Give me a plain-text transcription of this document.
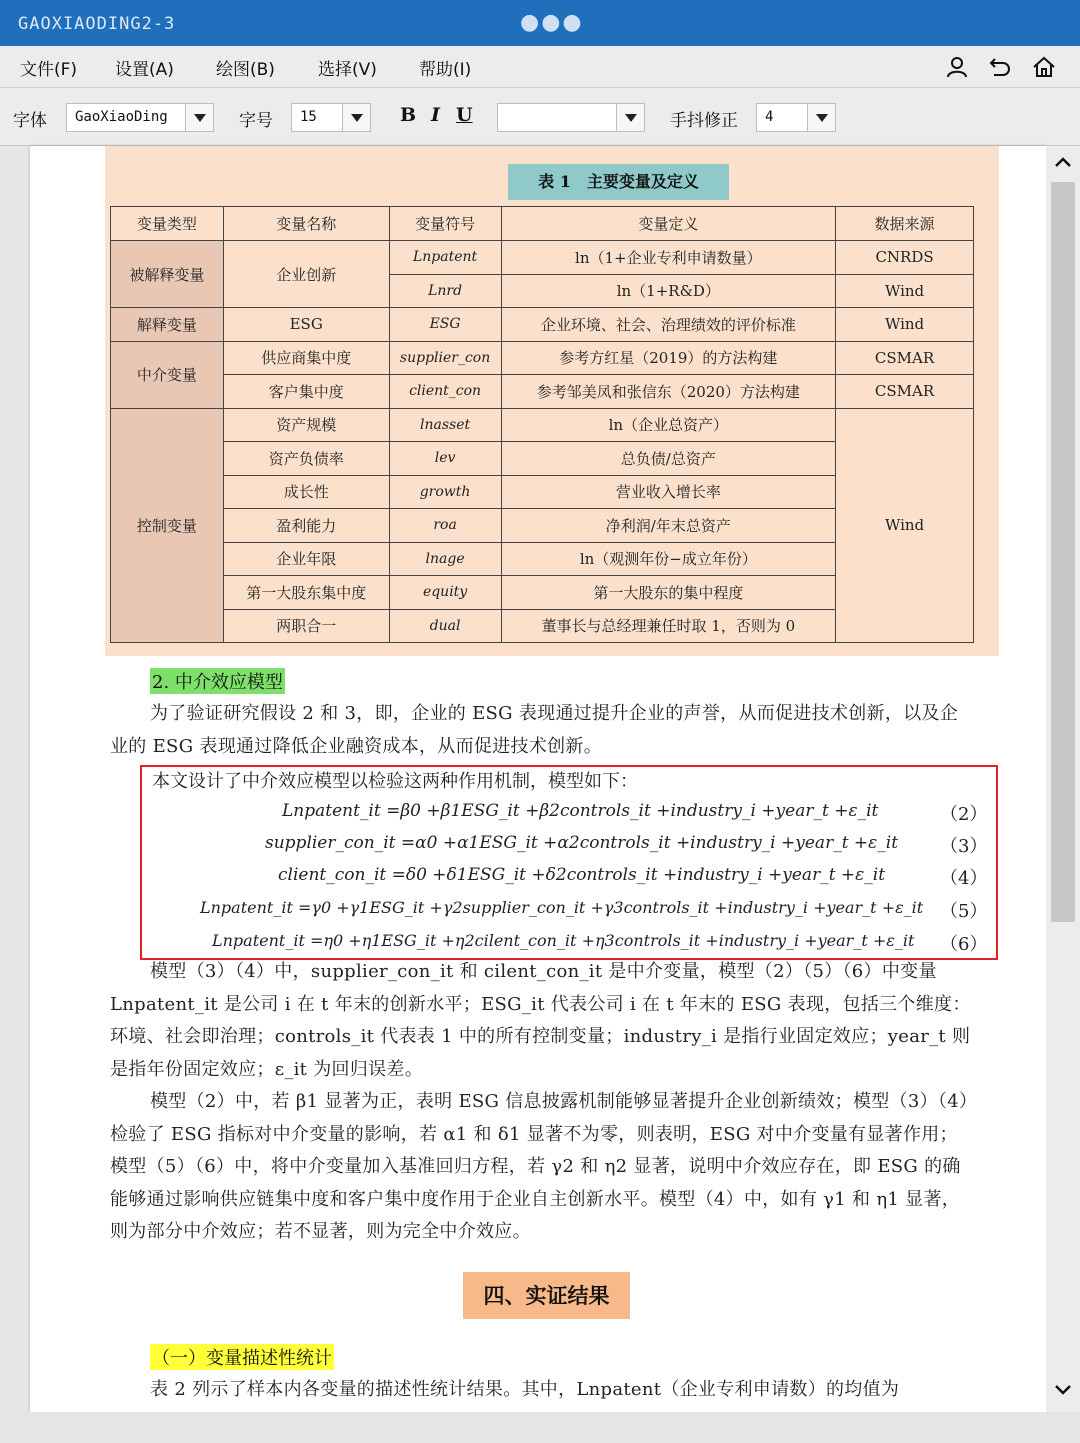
GAOXIAODING2-3	●●●
文件(F) 设置(A) 绘图(B)	选择(V) 帮助(I)
字体 GaoXiaoDing	字号 15	B I U	手抖修正 4
表 1　主要变量及定义
变量类型	变量名称	变量符号	变量定义	数据来源
被解释变量	企业创新	Lnpatent	ln（1+企业专利申请数量）	CNRDS
		Lnrd	ln（1+R&D）	Wind
解释变量	ESG	ESG	企业环境、社会、治理绩效的评价标准	Wind
中介变量	供应商集中度	supplier_con	参考方红星（2019）的方法构建	CSMAR
	客户集中度	client_con	参考邹美凤和张信东（2020）方法构建	CSMAR
控制变量	资产规模	lnasset	ln（企业总资产）	Wind
	资产负债率	lev	总负债/总资产	
	成长性	growth	营业收入增长率	
	盈利能力	roa	净利润/年末总资产	
	企业年限	lnage	ln（观测年份−成立年份）	
	第一大股东集中度	equity	第一大股东的集中程度	
	两职合一	dual	董事长与总经理兼任时取 1，否则为 0	
2. 中介效应模型
为了验证研究假设 2 和 3，即，企业的 ESG 表现通过提升企业的声誉，从而促进技术创新，以及企业的 ESG 表现通过降低企业融资成本，从而促进技术创新。
本文设计了中介效应模型以检验这两种作用机制，模型如下：
Lnpatent_it =β0 +β1ESG_it +β2controls_it +industry_i +year_t +ε_it	（2）
supplier_con_it =α0 +α1ESG_it +α2controls_it +industry_i +year_t +ε_it （3）
client_con_it =δ0 +δ1ESG_it +δ2controls_it +industry_i +year_t +ε_it	（4）
Lnpatent_it =γ0 +γ1ESG_it +γ2supplier_con_it +γ3controls_it +industry_i +year_t +ε_it （5）
Lnpatent_it =η0 +η1ESG_it +η2cilent_con_it +η3controls_it +industry_i +year_t +ε_it （6）
模型（3）（4）中，supplier_con_it 和 cilent_con_it 是中介变量，模型（2）（5）（6）中变量 Lnpatent_it 是公司 i 在 t 年末的创新水平；ESG_it 代表公司 i 在 t 年末的 ESG 表现，包括三个维度：环境、社会即治理；controls_it 代表表 1 中的所有控制变量；industry_i 是指行业固定效应；year_t 则是指年份固定效应；ε_it 为回归误差。
模型（2）中，若 β1 显著为正，表明 ESG 信息披露机制能够显著提升企业创新绩效；模型（3）（4）检验了 ESG 指标对中介变量的影响，若 α1 和 δ1 显著不为零，则表明，ESG 对中介变量有显著作用；模型（5）（6）中，将中介变量加入基准回归方程，若 γ2 和 η2 显著，说明中介效应存在，即 ESG 的确能够通过影响供应链集中度和客户集中度作用于企业自主创新水平。模型（4）中，如有 γ1 和 η1 显著，则为部分中介效应；若不显著，则为完全中介效应。
四、实证结果
（一）变量描述性统计
表 2 列示了样本内各变量的描述性统计结果。其中，Lnpatent（企业专利申请数）的均值为
